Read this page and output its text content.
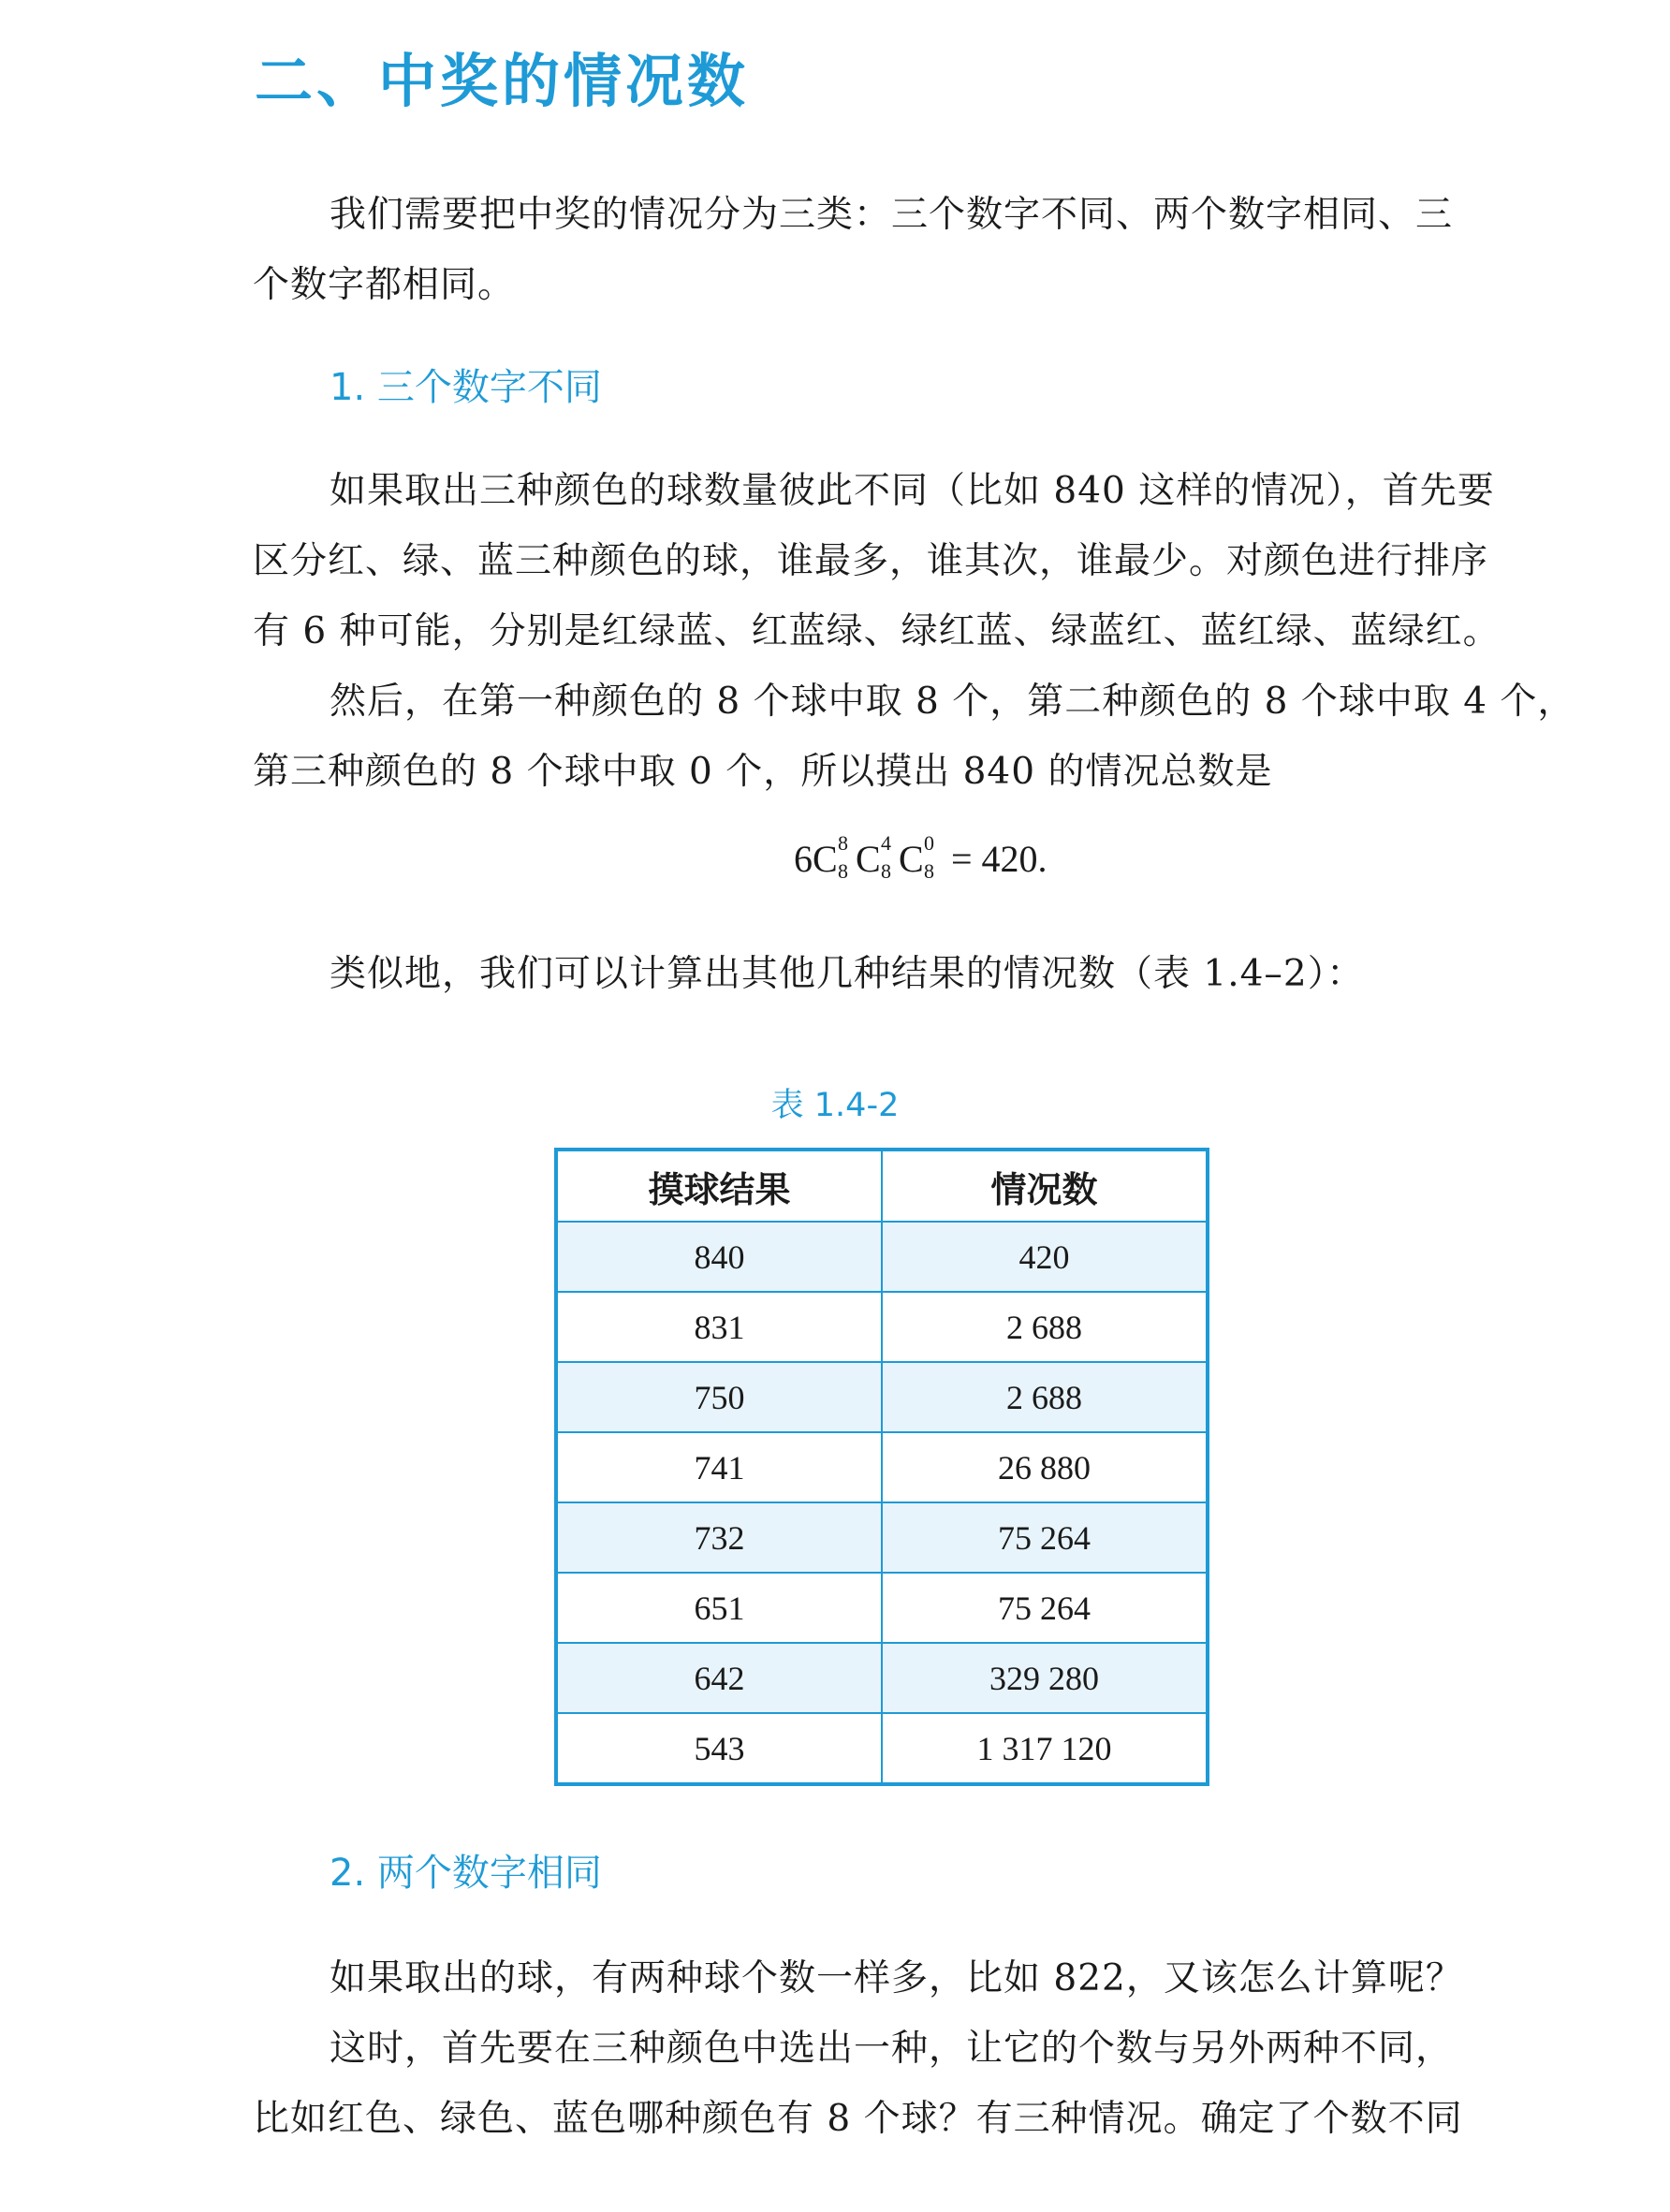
二、中奖的情况数
我们需要把中奖的情况分为三类：三个数字不同、两个数字相同、三
个数字都相同。
1. 三个数字不同
如果取出三种颜色的球数量彼此不同（比如 840 这样的情况），首先要
区分红、绿、蓝三种颜色的球，谁最多，谁其次，谁最少。对颜色进行排序
有 6 种可能，分别是红绿蓝、红蓝绿、绿红蓝、绿蓝红、蓝红绿、蓝绿红。
然后，在第一种颜色的 8 个球中取 8 个，第二种颜色的 8 个球中取 4 个，
第三种颜色的 8 个球中取 0 个，所以摸出 840 的情况总数是
6C 8
8 C 4
8 C 0
8 = 420.
类似地，我们可以计算出其他几种结果的情况数（表 1.4–2）：
表 1.4-2
摸球结果	情况数
840	420
831	2 688
750	2 688
741	26 880
732	75 264
651	75 264
642	329 280
543	1 317 120
2. 两个数字相同
如果取出的球，有两种球个数一样多，比如 822，又该怎么计算呢？
这时，首先要在三种颜色中选出一种，让它的个数与另外两种不同，
比如红色、绿色、蓝色哪种颜色有 8 个球？有三种情况。确定了个数不同
